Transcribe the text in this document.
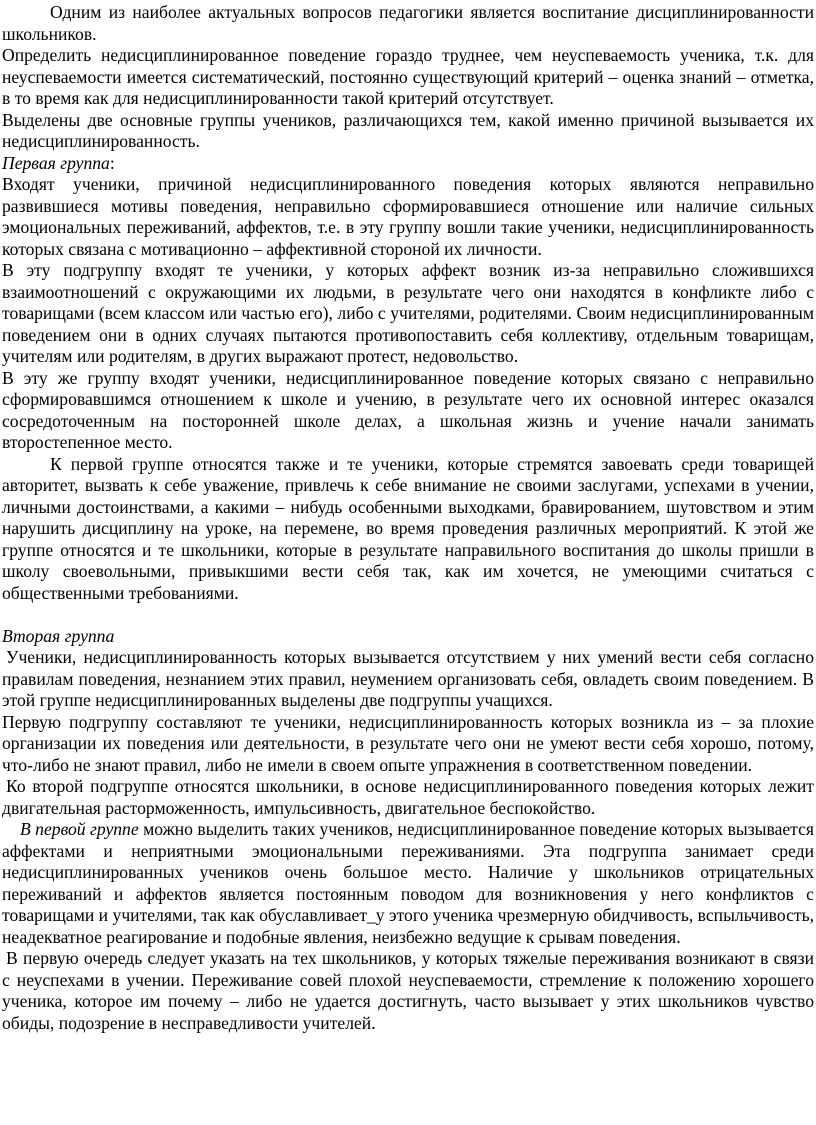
Одним из наиболее актуальных вопросов педагогики является воспитание дисциплинированности школьников.

Определить недисциплинированное поведение гораздо труднее, чем неуспеваемость ученика, т.к. для неуспеваемости имеется систематический, постоянно существующий критерий – оценка знаний – отметка, в то время как для недисциплинированности такой критерий отсутствует.

Выделены две основные группы учеников, различающихся тем, какой именно причиной вызывается их недисциплинированность.

Первая группа:

Входят ученики, причиной недисциплинированного поведения которых являются неправильно развившиеся мотивы поведения, неправильно сформировавшиеся отношение или наличие сильных эмоциональных переживаний, аффектов, т.е. в эту группу вошли такие ученики, недисциплинированность которых связана с мотивационно – аффективной стороной их личности.

В эту подгруппу входят те ученики, у которых аффект возник из-за неправильно сложившихся взаимоотношений с окружающими их людьми, в результате чего они находятся в конфликте либо с товарищами (всем классом или частью его), либо с учителями, родителями. Своим недисциплинированным поведением они в одних случаях пытаются противопоставить себя коллективу, отдельным товарищам, учителям или родителям, в других выражают протест, недовольство.

В эту же группу входят ученики, недисциплинированное поведение которых связано с неправильно сформировавшимся отношением к школе и учению, в результате чего их основной интерес оказался сосредоточенным на посторонней школе делах, а школьная жизнь и учение начали занимать второстепенное место.

К первой группе относятся также и те ученики, которые стремятся завоевать среди товарищей авторитет, вызвать к себе уважение, привлечь к себе внимание не своими заслугами, успехами в учении, личными достоинствами, а какими – нибудь особенными выходками, бравированием, шутовством и этим нарушить дисциплину на уроке, на перемене, во время проведения различных мероприятий. К этой же группе относятся и те школьники, которые в результате направильного воспитания до школы пришли в школу своевольными, привыкшими вести себя так, как им хочется, не умеющими считаться с общественными требованиями.

Вторая группа

Ученики, недисциплинированность которых вызывается отсутствием у них умений вести себя согласно правилам поведения, незнанием этих правил, неумением организовать себя, овладеть своим поведением. В этой группе недисциплинированных выделены две подгруппы учащихся.

Первую подгруппу составляют те ученики, недисциплинированность которых возникла из – за плохие организации их поведения или деятельности, в результате чего они не умеют вести себя хорошо, потому, что-либо не знают правил, либо не имели в своем опыте упражнения в соответственном поведении.

Ко второй подгруппе относятся школьники, в основе недисциплинированного поведения которых лежит двигательная расторможенность, импульсивность, двигательное беспокойство.

В первой группе можно выделить таких учеников, недисциплинированное поведение которых вызывается аффектами и неприятными эмоциональными переживаниями. Эта подгруппа занимает среди недисциплинированных учеников очень большое место. Наличие у школьников отрицательных переживаний и аффектов является постоянным поводом для возникновения у него конфликтов с товарищами и учителями, так как обуславливает_у этого ученика чрезмерную обидчивость, вспыльчивость, неадекватное реагирование и подобные явления, неизбежно ведущие к срывам поведения.

В первую очередь следует указать на тех школьников, у которых тяжелые переживания возникают в связи с неуспехами в учении. Переживание совей плохой неуспеваемости, стремление к положению хорошего ученика, которое им почему – либо не удается достигнуть, часто вызывает у этих школьников чувство обиды, подозрение в несправедливости учителей.
